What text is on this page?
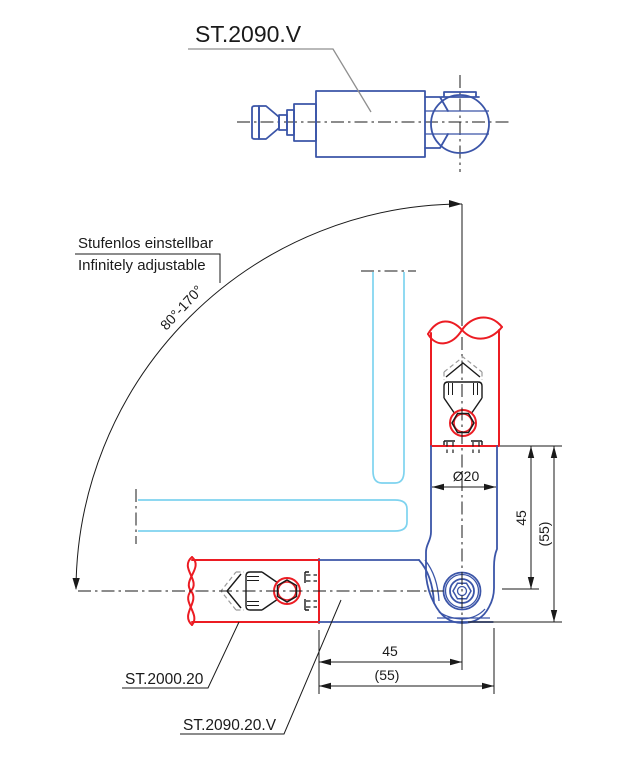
ST.2090.V
Stufenlos einstellbar
Infinitely adjustable
80°-170°
Ø20
45
(55)
45
(55)
ST.2000.20
ST.2090.20.V
